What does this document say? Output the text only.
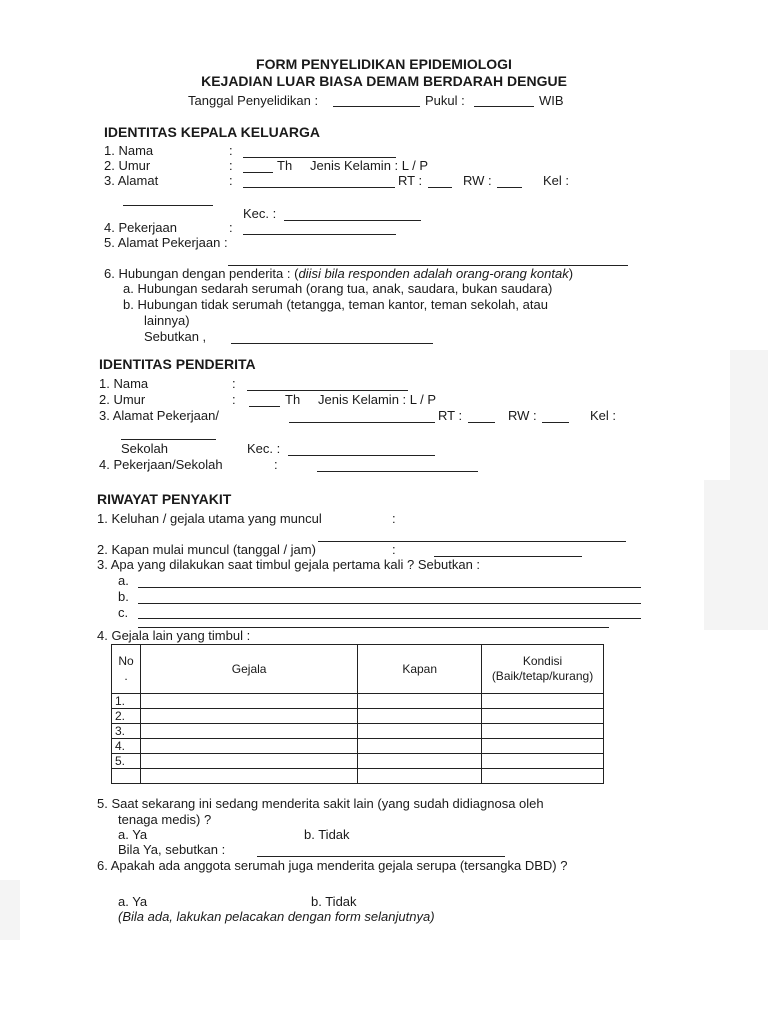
FORM PENYELIDIKAN EPIDEMIOLOGI
KEJADIAN LUAR BIASA DEMAM BERDARAH DENGUE
Tanggal Penyelidikan :	Pukul :	WIB
IDENTITAS KEPALA KELUARGA
1. Nama	:
2. Umur	:	Th Jenis Kelamin : L / P
3. Alamat	:	RT :	RW :	Kel :
Kec. :
4. Pekerjaan	:
5. Alamat Pekerjaan :
6. Hubungan dengan penderita : (diisi bila responden adalah orang-orang kontak)
a. Hubungan sedarah serumah (orang tua, anak, saudara, bukan saudara)
b. Hubungan tidak serumah (tetangga, teman kantor, teman sekolah, atau
lainnya)
Sebutkan ,
IDENTITAS PENDERITA
1. Nama	:
2. Umur	:	Th Jenis Kelamin : L / P
3. Alamat Pekerjaan/	RT :	RW :	Kel :
Sekolah	Kec. :
4. Pekerjaan/Sekolah	:
RIWAYAT PENYAKIT
1. Keluhan / gejala utama yang muncul	:
2. Kapan mulai muncul (tanggal / jam)	:
3. Apa yang dilakukan saat timbul gejala pertama kali ? Sebutkan :
a.
b.
c.
4. Gejala lain yang timbul :
No .	Gejala	Kapan	Kondisi (Baik/tetap/kurang)
1.			
2.			
3.			
4.			
5.			

5. Saat sekarang ini sedang menderita sakit lain (yang sudah didiagnosa oleh
tenaga medis) ?
a. Ya	b. Tidak
Bila Ya, sebutkan :
6. Apakah ada anggota serumah juga menderita gejala serupa (tersangka DBD) ?
a. Ya	b. Tidak
(Bila ada, lakukan pelacakan dengan form selanjutnya)
